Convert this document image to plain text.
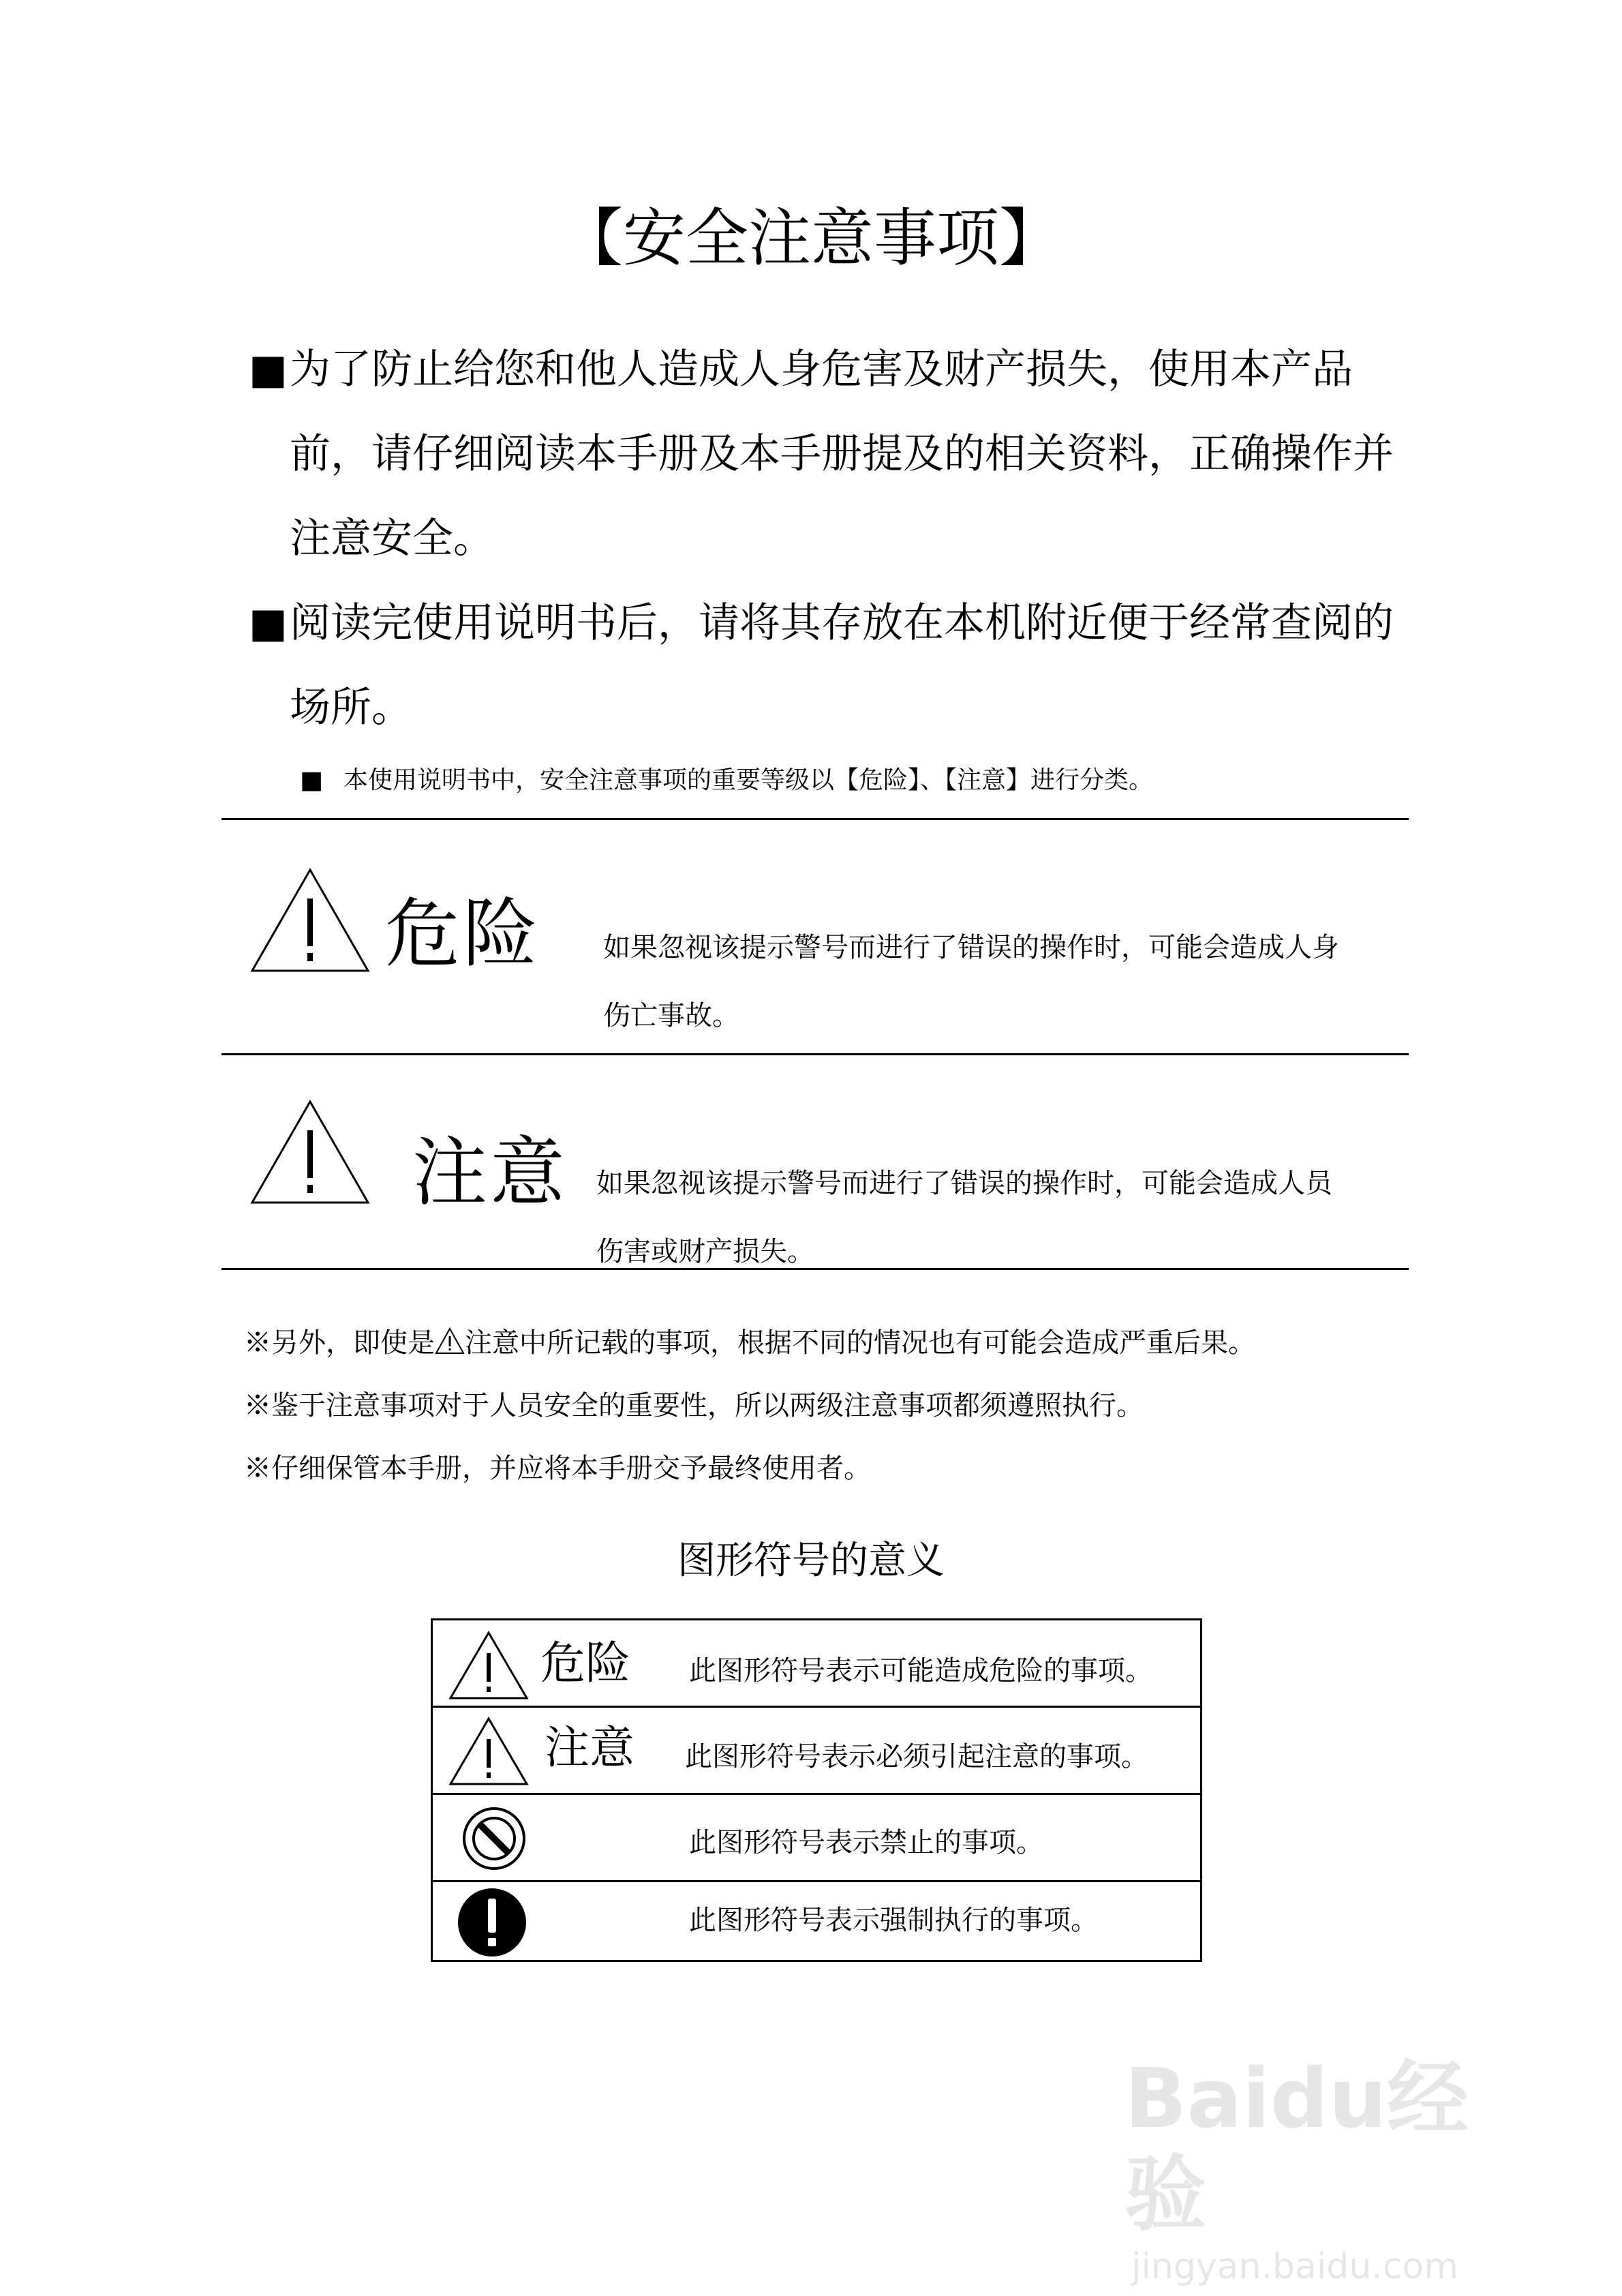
【安全注意事项】
■为了防止给您和他人造成人身危害及财产损失，使用本产品
前，请仔细阅读本手册及本手册提及的相关资料，正确操作并
注意安全。
■阅读完使用说明书后，请将其存放在本机附近便于经常查阅的
场所。
■ 本使用说明书中，安全注意事项的重要等级以【危险】、【注意】进行分类。
危险 如果忽视该提示警号而进行了错误的操作时，可能会造成人身
伤亡事故。
注意 如果忽视该提示警号而进行了错误的操作时，可能会造成人员
伤害或财产损失。
※另外，即使是 注意中所记载的事项，根据不同的情况也有可能会造成严重后果。
※鉴于注意事项对于人员安全的重要性，所以两级注意事项都须遵照执行。
※仔细保管本手册，并应将本手册交予最终使用者。
图形符号的意义
危险 此图形符号表示可能造成危险的事项。
注意 此图形符号表示必须引起注意的事项。
此图形符号表示禁止的事项。
此图形符号表示强制执行的事项。
Baidu经验
jingyan.baidu.com
